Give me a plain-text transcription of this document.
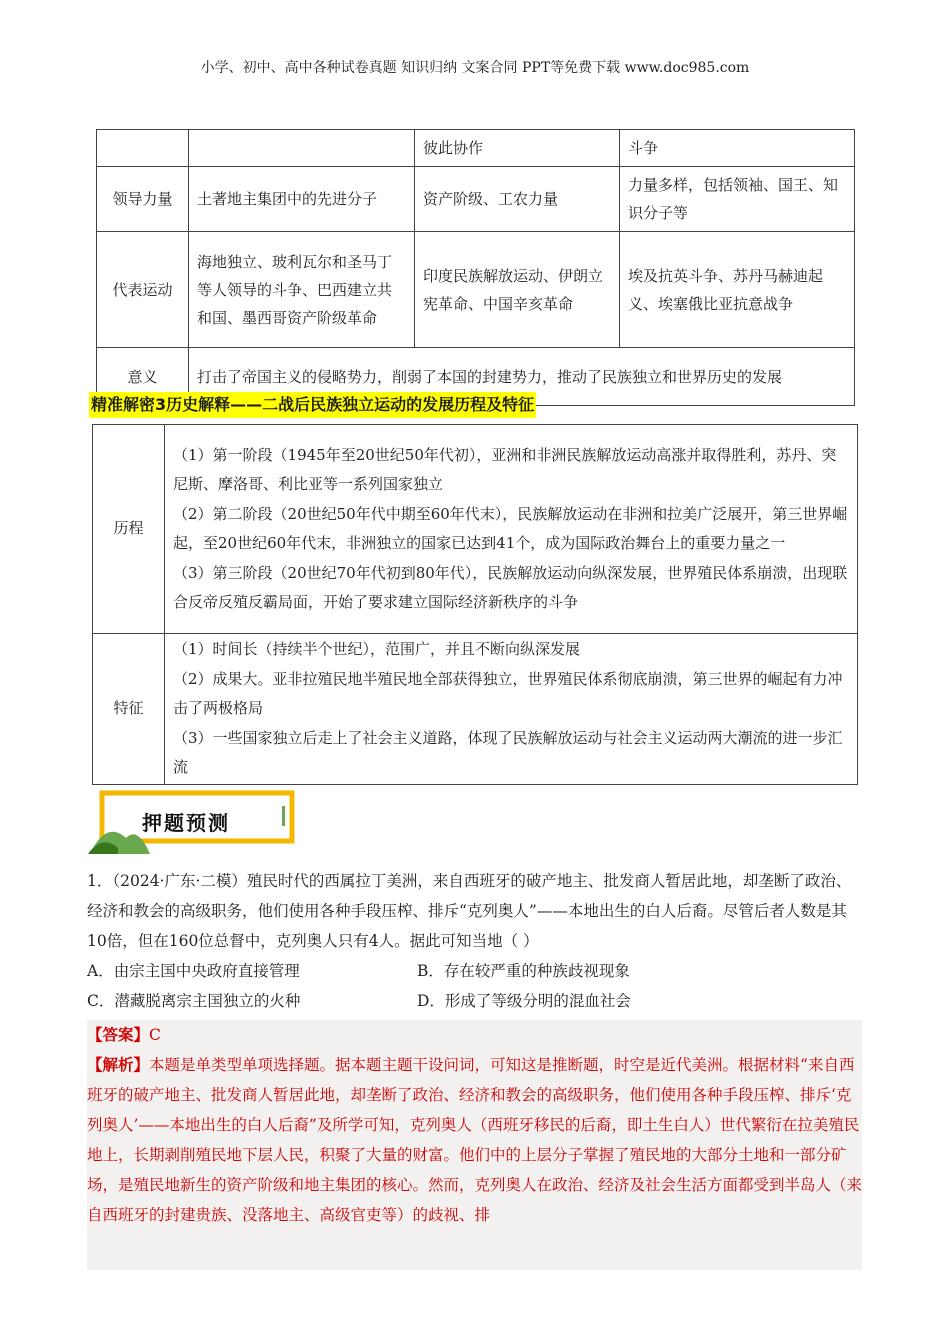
小学、初中、高中各种试卷真题 知识归纳 文案合同 PPT等免费下载 www.doc985.com
		彼此协作	斗争
领导力量	土著地主集团中的先进分子	资产阶级、工农力量	力量多样，包括领袖、国王、知识分子等
代表运动	海地独立、玻利瓦尔和圣马丁等人领导的斗争、巴西建立共和国、墨西哥资产阶级革命	印度民族解放运动、伊朗立宪革命、中国辛亥革命	埃及抗英斗争、苏丹马赫迪起义、埃塞俄比亚抗意战争
意义	打击了帝国主义的侵略势力，削弱了本国的封建势力，推动了民族独立和世界历史的发展		
精准解密3历史解释——二战后民族独立运动的发展历程及特征
历程	（1）第一阶段（1945年至20世纪50年代初），亚洲和非洲民族解放运动高涨并取得胜利，苏丹、突尼斯、摩洛哥、利比亚等一系列国家独立
（2）第二阶段（20世纪50年代中期至60年代末），民族解放运动在非洲和拉美广泛展开，第三世界崛起，至20世纪60年代末，非洲独立的国家已达到41个，成为国际政治舞台上的重要力量之一
（3）第三阶段（20世纪70年代初到80年代），民族解放运动向纵深发展，世界殖民体系崩溃，出现联合反帝反殖反霸局面，开始了要求建立国际经济新秩序的斗争

特征	（1）时间长（持续半个世纪），范围广，并且不断向纵深发展
（2）成果大。亚非拉殖民地半殖民地全部获得独立，世界殖民体系彻底崩溃，第三世界的崛起有力冲击了两极格局
（3）一些国家独立后走上了社会主义道路，体现了民族解放运动与社会主义运动两大潮流的进一步汇流
押题预测

1．（2024·广东·二模）殖民时代的西属拉丁美洲，来自西班牙的破产地主、批发商人暂居此地，却垄断了政治、经济和教会的高级职务，他们使用各种手段压榨、排斥“克列奥人”——本地出生的白人后裔。尽管后者人数是其10倍，但在160位总督中，克列奥人只有4人。据此可知当地（ ）

A．由宗主国中央政府直接管理	B．存在较严重的种族歧视现象
C．潜藏脱离宗主国独立的火种	D．形成了等级分明的混血社会

【答案】C

【解析】本题是单类型单项选择题。据本题主题干设问词，可知这是推断题，时空是近代美洲。根据材料“来自西班牙的破产地主、批发商人暂居此地，却垄断了政治、经济和教会的高级职务，他们使用各种手段压榨、排斥‘克列奥人’——本地出生的白人后裔”及所学可知，克列奥人（西班牙移民的后裔，即土生白人）世代繁衍在拉美殖民地上，长期剥削殖民地下层人民，积聚了大量的财富。他们中的上层分子掌握了殖民地的大部分土地和一部分矿场，是殖民地新生的资产阶级和地主集团的核心。然而，克列奥人在政治、经济及社会生活方面都受到半岛人（来自西班牙的封建贵族、没落地主、高级官吏等）的歧视、排
